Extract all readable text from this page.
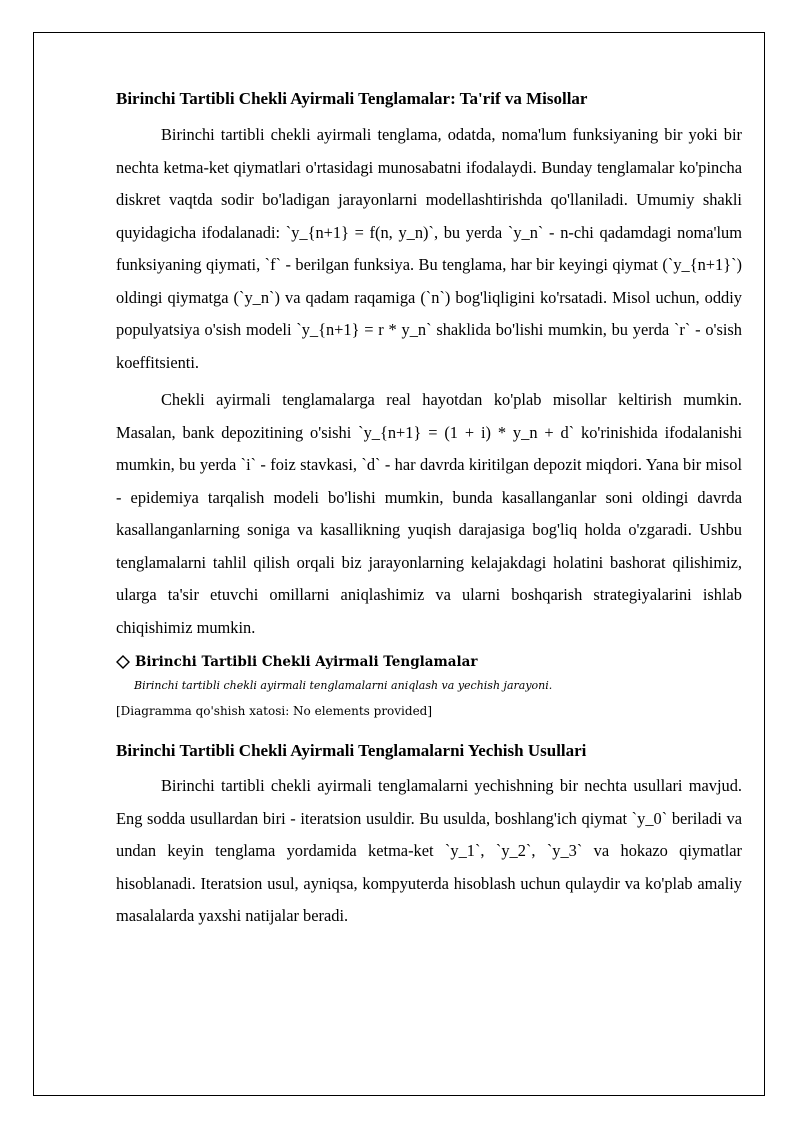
Birinchi Tartibli Chekli Ayirmali Tenglamalar: Ta'rif va Misollar

Birinchi tartibli chekli ayirmali tenglama, odatda, noma'lum funksiyaning bir yoki bir nechta ketma-ket qiymatlari o'rtasidagi munosabatni ifodalaydi. Bunday tenglamalar ko'pincha diskret vaqtda sodir bo'ladigan jarayonlarni modellashtirishda qo'llaniladi. Umumiy shakli quyidagicha ifodalanadi: `y_{n+1} = f(n, y_n)`, bu yerda `y_n` - n-chi qadamdagi noma'lum funksiyaning qiymati, `f` - berilgan funksiya. Bu tenglama, har bir keyingi qiymat (`y_{n+1}`) oldingi qiymatga (`y_n`) va qadam raqamiga (`n`) bog'liqligini ko'rsatadi. Misol uchun, oddiy populyatsiya o'sish modeli `y_{n+1} = r * y_n` shaklida bo'lishi mumkin, bu yerda `r` - o'sish koeffitsienti.

Chekli ayirmali tenglamalarga real hayotdan ko'plab misollar keltirish mumkin. Masalan, bank depozitining o'sishi `y_{n+1} = (1 + i) * y_n + d` ko'rinishida ifodalanishi mumkin, bu yerda `i` - foiz stavkasi, `d` - har davrda kiritilgan depozit miqdori. Yana bir misol - epidemiya tarqalish modeli bo'lishi mumkin, bunda kasallanganlar soni oldingi davrda kasallanganlarning soniga va kasallikning yuqish darajasiga bog'liq holda o'zgaradi. Ushbu tenglamalarni tahlil qilish orqali biz jarayonlarning kelajakdagi holatini bashorat qilishimiz, ularga ta'sir etuvchi omillarni aniqlashimiz va ularni boshqarish strategiyalarini ishlab chiqishimiz mumkin.

Birinchi Tartibli Chekli Ayirmali Tenglamalar
Birinchi tartibli chekli ayirmali tenglamalarni aniqlash va yechish jarayoni.
[Diagramma qo'shish xatosi: No elements provided]
Birinchi Tartibli Chekli Ayirmali Tenglamalarni Yechish Usullari

Birinchi tartibli chekli ayirmali tenglamalarni yechishning bir nechta usullari mavjud. Eng sodda usullardan biri - iteratsion usuldir. Bu usulda, boshlang'ich qiymat `y_0` beriladi va undan keyin tenglama yordamida ketma-ket `y_1`, `y_2`, `y_3` va hokazo qiymatlar hisoblanadi. Iteratsion usul, ayniqsa, kompyuterda hisoblash uchun qulaydir va ko'plab amaliy masalalarda yaxshi natijalar beradi.
